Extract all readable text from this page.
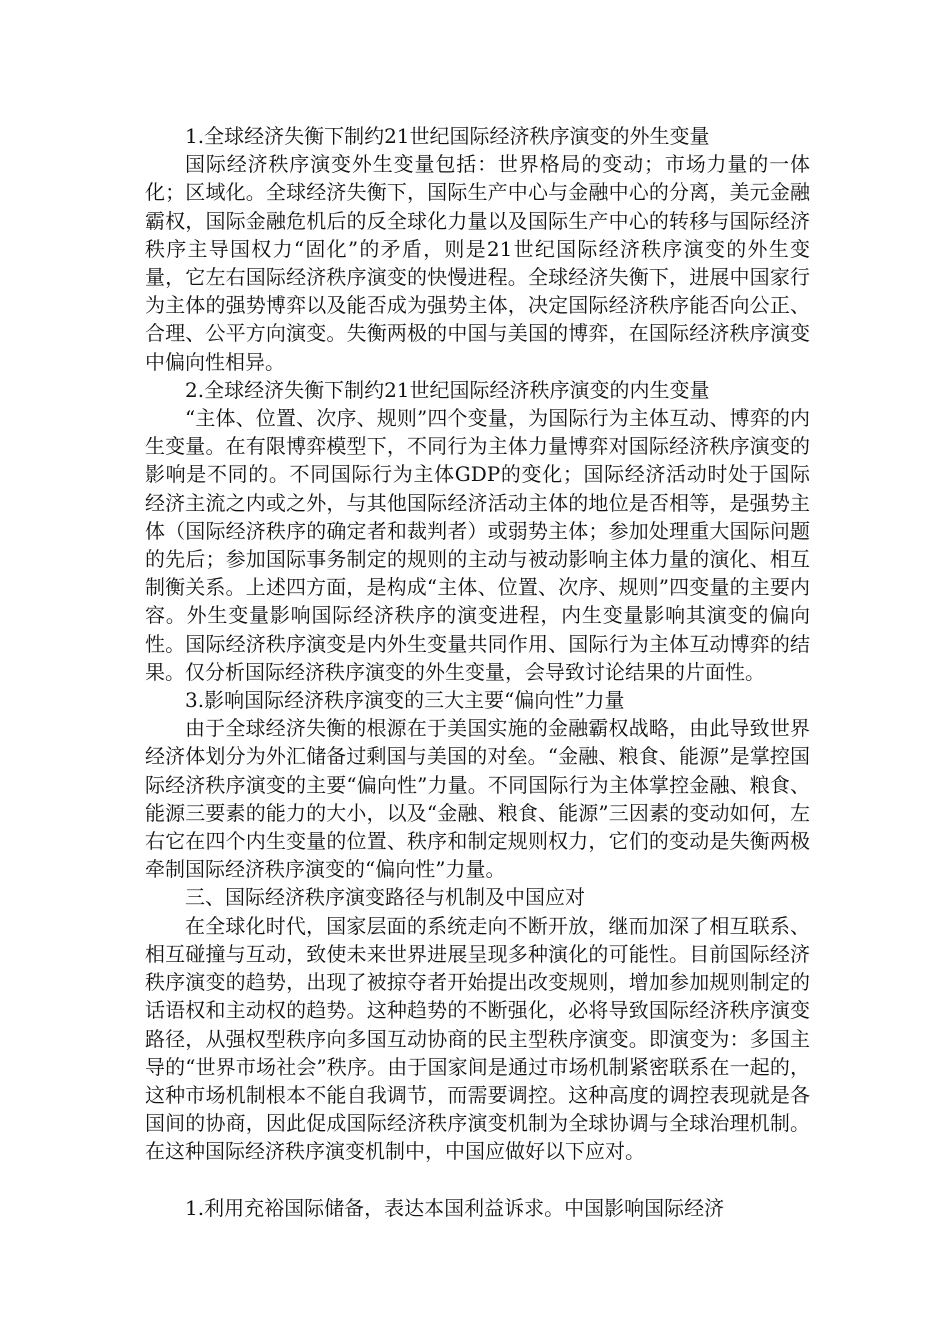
1.全球经济失衡下制约21世纪国际经济秩序演变的外生变量

国际经济秩序演变外生变量包括：世界格局的变动；市场力量的一体化；区域化。全球经济失衡下，国际生产中心与金融中心的分离，美元金融霸权，国际金融危机后的反全球化力量以及国际生产中心的转移与国际经济秩序主导国权力“固化”的矛盾，则是21世纪国际经济秩序演变的外生变量，它左右国际经济秩序演变的快慢进程。全球经济失衡下，进展中国家行为主体的强势博弈以及能否成为强势主体，决定国际经济秩序能否向公正、合理、公平方向演变。失衡两极的中国与美国的博弈，在国际经济秩序演变中偏向性相异。

2.全球经济失衡下制约21世纪国际经济秩序演变的内生变量

“主体、位置、次序、规则”四个变量，为国际行为主体互动、博弈的内生变量。在有限博弈模型下，不同行为主体力量博弈对国际经济秩序演变的影响是不同的。不同国际行为主体GDP的变化；国际经济活动时处于国际经济主流之内或之外，与其他国际经济活动主体的地位是否相等，是强势主体（国际经济秩序的确定者和裁判者）或弱势主体；参加处理重大国际问题的先后；参加国际事务制定的规则的主动与被动影响主体力量的演化、相互制衡关系。上述四方面，是构成“主体、位置、次序、规则”四变量的主要内容。外生变量影响国际经济秩序的演变进程，内生变量影响其演变的偏向性。国际经济秩序演变是内外生变量共同作用、国际行为主体互动博弈的结果。仅分析国际经济秩序演变的外生变量，会导致讨论结果的片面性。

3.影响国际经济秩序演变的三大主要“偏向性”力量

由于全球经济失衡的根源在于美国实施的金融霸权战略，由此导致世界经济体划分为外汇储备过剩国与美国的对垒。“金融、粮食、能源”是掌控国际经济秩序演变的主要“偏向性”力量。不同国际行为主体掌控金融、粮食、能源三要素的能力的大小，以及“金融、粮食、能源”三因素的变动如何，左右它在四个内生变量的位置、秩序和制定规则权力，它们的变动是失衡两极牵制国际经济秩序演变的“偏向性”力量。

三、国际经济秩序演变路径与机制及中国应对

在全球化时代，国家层面的系统走向不断开放，继而加深了相互联系、相互碰撞与互动，致使未来世界进展呈现多种演化的可能性。目前国际经济秩序演变的趋势，出现了被掠夺者开始提出改变规则，增加参加规则制定的话语权和主动权的趋势。这种趋势的不断强化，必将导致国际经济秩序演变路径，从强权型秩序向多国互动协商的民主型秩序演变。即演变为：多国主导的“世界市场社会”秩序。由于国家间是通过市场机制紧密联系在一起的，这种市场机制根本不能自我调节，而需要调控。这种高度的调控表现就是各国间的协商，因此促成国际经济秩序演变机制为全球协调与全球治理机制。在这种国际经济秩序演变机制中，中国应做好以下应对。

1.利用充裕国际储备，表达本国利益诉求。中国影响国际经济
